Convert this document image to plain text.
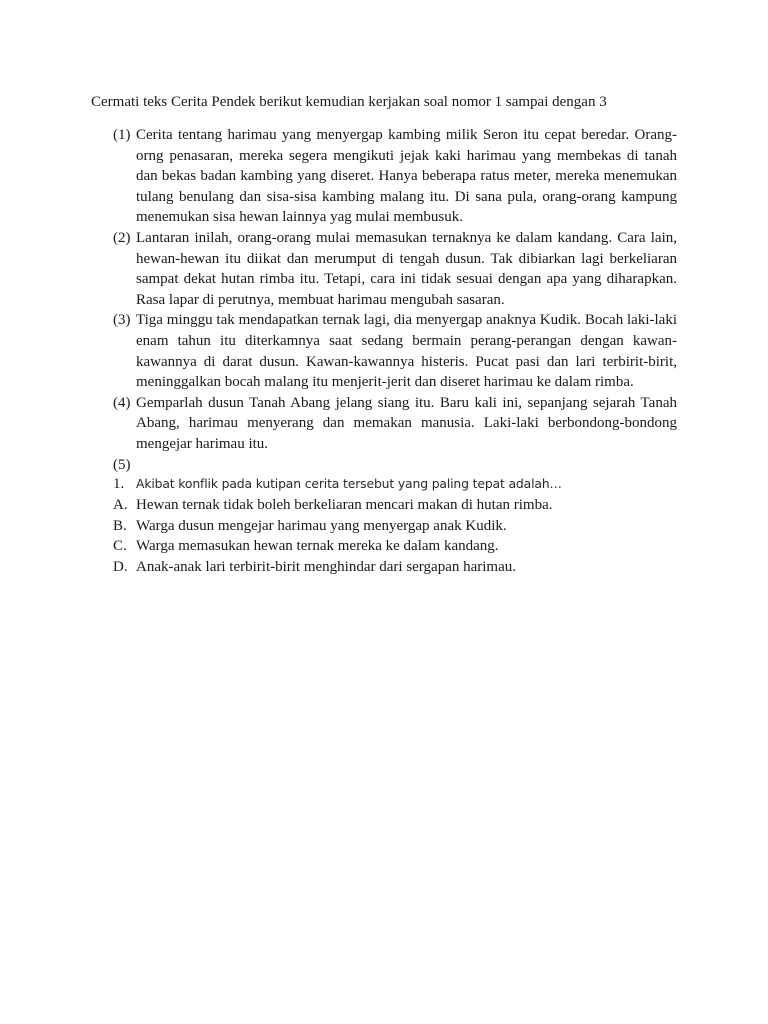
Cermati teks Cerita Pendek berikut kemudian kerjakan soal nomor 1 sampai dengan 3
(1) Cerita tentang harimau yang menyergap kambing milik Seron itu cepat beredar. Orang-orng penasaran, mereka segera mengikuti jejak kaki harimau yang membekas di tanah dan bekas badan kambing yang diseret. Hanya beberapa ratus meter, mereka menemukan tulang benulang dan sisa-sisa kambing malang itu. Di sana pula, orang-orang kampung menemukan sisa hewan lainnya yag mulai membusuk.
(2) Lantaran inilah, orang-orang mulai memasukan ternaknya ke dalam kandang. Cara lain, hewan-hewan itu diikat dan merumput di tengah dusun. Tak dibiarkan lagi berkeliaran sampat dekat hutan rimba itu. Tetapi, cara ini tidak sesuai dengan apa yang diharapkan. Rasa lapar di perutnya, membuat harimau mengubah sasaran.
(3) Tiga minggu tak mendapatkan ternak lagi, dia menyergap anaknya Kudik. Bocah laki-laki enam tahun itu diterkamnya saat sedang bermain perang-perangan dengan kawan-kawannya di darat dusun. Kawan-kawannya histeris. Pucat pasi dan lari terbirit-birit, meninggalkan bocah malang itu menjerit-jerit dan diseret harimau ke dalam rimba.
(4) Gemparlah dusun Tanah Abang jelang siang itu. Baru kali ini, sepanjang sejarah Tanah Abang, harimau menyerang dan memakan manusia. Laki-laki berbondong-bondong mengejar harimau itu.
(5)
1. Akibat konflik pada kutipan cerita tersebut yang paling tepat adalah…
A. Hewan ternak tidak boleh berkeliaran mencari makan di hutan rimba.
B. Warga dusun mengejar harimau yang menyergap anak Kudik.
C. Warga memasukan hewan ternak mereka ke dalam kandang.
D. Anak-anak lari terbirit-birit menghindar dari sergapan harimau.
